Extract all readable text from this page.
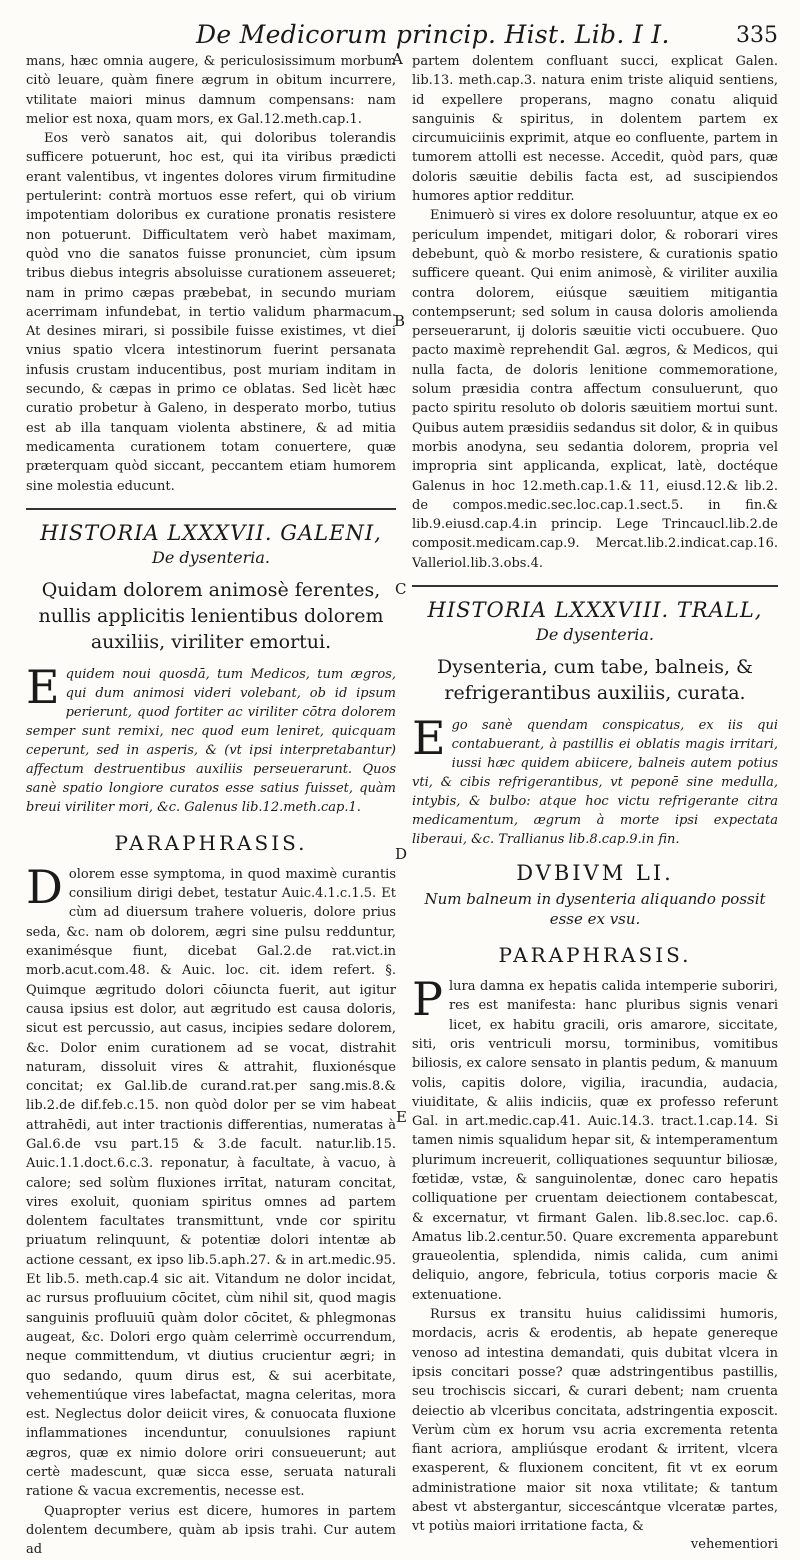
De Medicorum princip. Hist. Lib. I I.	335
A
B
C
D
E

mans, hæc omnia augere, & periculosissimum morbum citò leuare, quàm finere ægrum in obitum incurrere, vtilitate maiori minus damnum compensans: nam melior est noxa, quam mors, ex Gal.12.meth.cap.1.

Eos verò sanatos ait, qui doloribus tolerandis sufficere potuerunt, hoc est, qui ita viribus prædicti erant valentibus, vt ingentes dolores virum firmitudine pertulerint: contrà mortuos esse refert, qui ob virium impotentiam doloribus ex curatione pronatis resistere non potuerunt. Difficultatem verò habet maximam, quòd vno die sanatos fuisse pronunciet, cùm ipsum tribus diebus integris absoluisse curationem asseueret; nam in primo cæpas præbebat, in secundo muriam acerrimam infundebat, in tertio validum pharmacum. At desines mirari, si possibile fuisse existimes, vt diei vnius spatio vlcera intestinorum fuerint persanata infusis crustam inducentibus, post muriam inditam in secundo, & cæpas in primo ce oblatas. Sed licèt hæc curatio probetur à Galeno, in desperato morbo, tutius est ab illa tanquam violenta abstinere, & ad mitia medicamenta curationem totam conuertere, quæ præterquam quòd siccant, peccantem etiam humorem sine molestia educunt.

HISTORIA LXXXVII. GALENI,

De dysenteria.

Quidam dolorem animosè ferentes, nullis applicitis lenientibus dolorem auxiliis, viriliter emortui.

Equidem noui quosdā, tum Medicos, tum ægros, qui dum animosi videri volebant, ob id ipsum perierunt, quod fortiter ac viriliter cōtra dolorem semper sunt remixi, nec quod eum leniret, quicquam ceperunt, sed in asperis, & (vt ipsi interpretabantur) affectum destruentibus auxiliis perseuerarunt. Quos sanè spatio longiore curatos esse satius fuisset, quàm breui viriliter mori, &c. Galenus lib.12.meth.cap.1.

PARAPHRASIS.

Dolorem esse symptoma, in quod maximè curantis consilium dirigi debet, testatur Auic.4.1.c.1.5. Et cùm ad diuersum trahere volueris, dolore prius seda, &c. nam ob dolorem, ægri sine pulsu redduntur, exanimésque fiunt, dicebat Gal.2.de rat.vict.in morb.acut.com.48. & Auic. loc. cit. idem refert. §. Quimque ægritudo dolori cōiuncta fuerit, aut igitur causa ipsius est dolor, aut ægritudo est causa doloris, sicut est percussio, aut casus, incipies sedare dolorem, &c. Dolor enim curationem ad se vocat, distrahit naturam, dissoluit vires & attrahit, fluxionésque concitat; ex Gal.lib.de curand.rat.per sang.mis.8.& lib.2.de dif.feb.c.15. non quòd dolor per se vim habeat attrahēdi, aut inter tractionis differentias, numeratas à Gal.6.de vsu part.15 & 3.de facult. natur.lib.15. Auic.1.1.doct.6.c.3. reponatur, à facultate, à vacuo, à calore; sed solùm fluxiones irrītat, naturam concitat, vires exoluit, quoniam spiritus omnes ad partem dolentem facultates transmittunt, vnde cor spiritu priuatum relinquunt, & potentiæ dolori intentæ ab actione cessant, ex ipso lib.5.aph.27. & in art.medic.95. Et lib.5. meth.cap.4 sic ait. Vitandum ne dolor incidat, ac rursus profluuium cōcitet, cùm nihil sit, quod magis sanguinis profluuiū quàm dolor cōcitet, & phlegmonas augeat, &c. Dolori ergo quàm celerrimè occurrendum, neque committendum, vt diutius crucientur ægri; in quo sedando, quum dirus est, & sui acerbitate, vehementiúque vires labefactat, magna celeritas, mora est. Neglectus dolor deiicit vires, & conuocata fluxione inflammationes incenduntur, conuulsiones rapiunt ægros, quæ ex nimio dolore oriri consueuerunt; aut certè madescunt, quæ sicca esse, seruata naturali ratione & vacua excrementis, necesse est.

Quapropter verius est dicere, humores in partem dolentem decumbere, quàm ab ipsis trahi. Cur autem ad

partem dolentem confluant succi, explicat Galen. lib.13. meth.cap.3. natura enim triste aliquid sentiens, id expellere properans, magno conatu aliquid sanguinis & spiritus, in dolentem partem ex circumuiciinis exprimit, atque eo confluente, partem in tumorem attolli est necesse. Accedit, quòd pars, quæ doloris sæuitie debilis facta est, ad suscipiendos humores aptior redditur.

Enimuerò si vires ex dolore resoluuntur, atque ex eo periculum impendet, mitigari dolor, & roborari vires debebunt, quò & morbo resistere, & curationis spatio sufficere queant. Qui enim animosè, & viriliter auxilia contra dolorem, eiúsque sæuitiem mitigantia contempserunt; sed solum in causa doloris amolienda perseuerarunt, ij doloris sæuitie victi occubuere. Quo pacto maximè reprehendit Gal. ægros, & Medicos, qui nulla facta, de doloris lenitione commemoratione, solum præsidia contra affectum consuluerunt, quo pacto spiritu resoluto ob doloris sæuitiem mortui sunt. Quibus autem præsidiis sedandus sit dolor, & in quibus morbis anodyna, seu sedantia dolorem, propria vel impropria sint applicanda, explicat, latè, doctéque Galenus in hoc 12.meth.cap.1.& 11, eiusd.12.& lib.2. de compos.medic.sec.loc.cap.1.sect.5. in fin.& lib.9.eiusd.cap.4.in princip. Lege Trincaucl.lib.2.de composit.medicam.cap.9. Mercat.lib.2.indicat.cap.16. Valleriol.lib.3.obs.4.

HISTORIA LXXXVIII. TRALL,

De dysenteria.

Dysenteria, cum tabe, balneis, & refrigerantibus auxiliis, curata.

Ego sanè quendam conspicatus, ex iis qui contabuerant, à pastillis ei oblatis magis irritari, iussi hæc quidem abiicere, balneis autem potius vti, & cibis refrigerantibus, vt peponē sine medulla, intybis, & bulbo: atque hoc victu refrigerante citra medicamentum, ægrum à morte ipsi expectata liberaui, &c. Trallianus lib.8.cap.9.in fin.

DVBIVM LI.

Num balneum in dysenteria aliquando possit esse ex vsu.

PARAPHRASIS.

Plura damna ex hepatis calida intemperie suboriri, res est manifesta: hanc pluribus signis venari licet, ex habitu gracili, oris amarore, siccitate, siti, oris ventriculi morsu, torminibus, vomitibus biliosis, ex calore sensato in plantis pedum, & manuum volis, capitis dolore, vigilia, iracundia, audacia, viuiditate, & aliis indiciis, quæ ex professo referunt Gal. in art.medic.cap.41. Auic.14.3. tract.1.cap.14. Si tamen nimis squalidum hepar sit, & intemperamentum plurimum increuerit, colliquationes sequuntur biliosæ, fœtidæ, vstæ, & sanguinolentæ, donec caro hepatis colliquatione per cruentam deiectionem contabescat, & excernatur, vt firmant Galen. lib.8.sec.loc. cap.6. Amatus lib.2.centur.50. Quare excrementa apparebunt graueolentia, splendida, nimis calida, cum animi deliquio, angore, febricula, totius corporis macie & extenuatione.

Rursus ex transitu huius calidissimi humoris, mordacis, acris & erodentis, ab hepate genereque venoso ad intestina demandati, quis dubitat vlcera in ipsis concitari posse? quæ adstringentibus pastillis, seu trochiscis siccari, & curari debent; nam cruenta deiectio ab vlceribus concitata, adstringentia exposcit. Verùm cùm ex horum vsu acria excrementa retenta fiant acriora, ampliúsque erodant & irritent, vlcera exasperent, & fluxionem concitent, fit vt ex eorum administratione maior sit noxa vtilitate; & tantum abest vt abstergantur, siccescántque vlceratæ partes, vt potiùs maiori irritatione facta, &

vehementiori
